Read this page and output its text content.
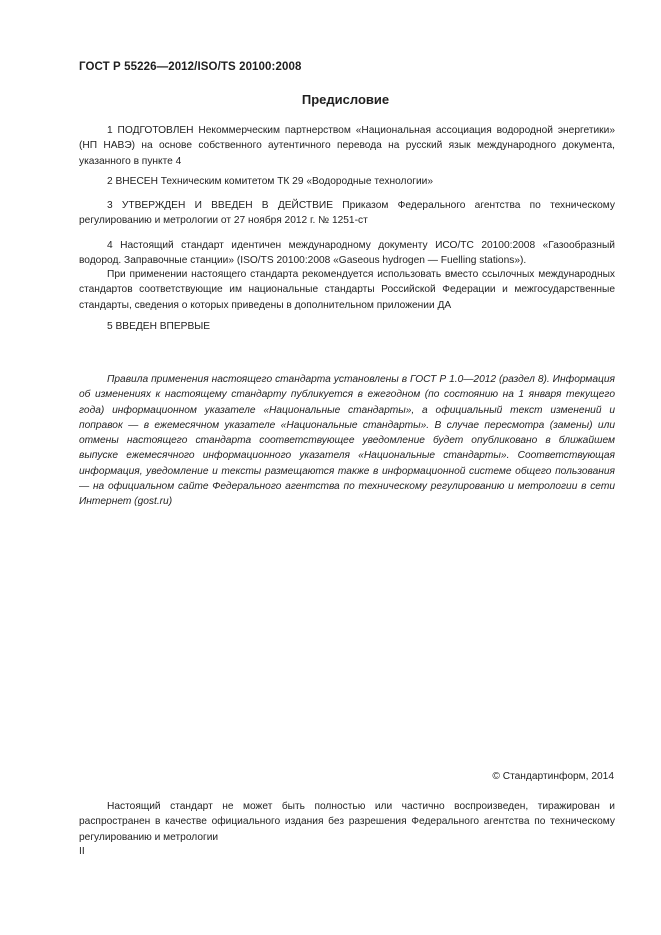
ГОСТ Р 55226—2012/ISO/TS 20100:2008
Предисловие
1 ПОДГОТОВЛЕН Некоммерческим партнерством «Национальная ассоциация водородной энергетики» (НП НАВЭ) на основе собственного аутентичного перевода на русский язык международного документа, указанного в пункте 4
2 ВНЕСЕН Техническим комитетом ТК 29 «Водородные технологии»
3 УТВЕРЖДЕН И ВВЕДЕН В ДЕЙСТВИЕ Приказом Федерального агентства по техническому регулированию и метрологии от 27 ноября 2012 г. № 1251-ст
4 Настоящий стандарт идентичен международному документу ИСО/ТС 20100:2008 «Газообразный водород. Заправочные станции» (ISO/TS 20100:2008 «Gaseous hydrogen — Fuelling stations»).
При применении настоящего стандарта рекомендуется использовать вместо ссылочных международных стандартов соответствующие им национальные стандарты Российской Федерации и межгосударственные стандарты, сведения о которых приведены в дополнительном приложении ДА
5 ВВЕДЕН ВПЕРВЫЕ
Правила применения настоящего стандарта установлены в ГОСТ Р 1.0—2012 (раздел 8). Информация об изменениях к настоящему стандарту публикуется в ежегодном (по состоянию на 1 января текущего года) информационном указателе «Национальные стандарты», а официальный текст изменений и поправок — в ежемесячном указателе «Национальные стандарты». В случае пересмотра (замены) или отмены настоящего стандарта соответствующее уведомление будет опубликовано в ближайшем выпуске ежемесячного информационного указателя «Национальные стандарты». Соответствующая информация, уведомление и тексты размещаются также в информационной системе общего пользования — на официальном сайте Федерального агентства по техническому регулированию и метрологии в сети Интернет (gost.ru)
© Стандартинформ, 2014
Настоящий стандарт не может быть полностью или частично воспроизведен, тиражирован и распространен в качестве официального издания без разрешения Федерального агентства по техническому регулированию и метрологии
II
